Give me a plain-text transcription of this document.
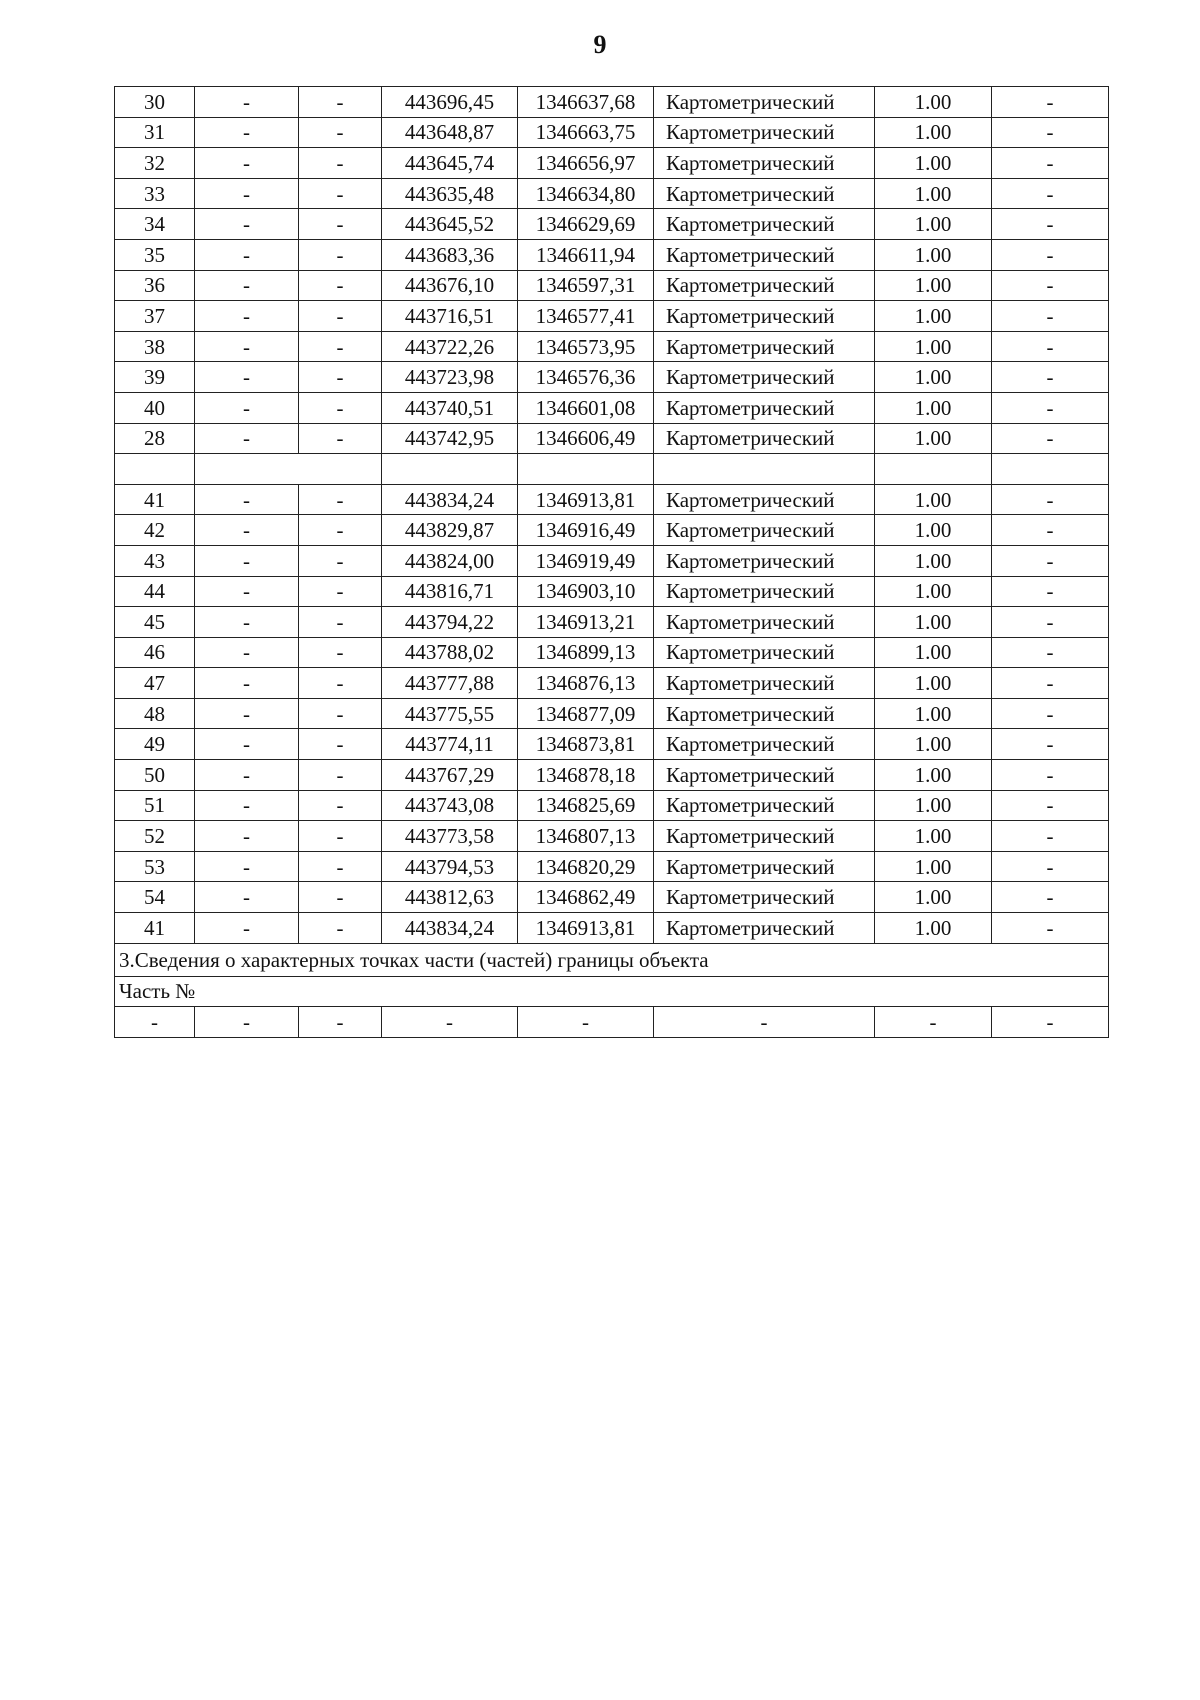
9
30	-	-	443696,45	1346637,68	Картометрический	1.00	-
31	-	-	443648,87	1346663,75	Картометрический	1.00	-
32	-	-	443645,74	1346656,97	Картометрический	1.00	-
33	-	-	443635,48	1346634,80	Картометрический	1.00	-
34	-	-	443645,52	1346629,69	Картометрический	1.00	-
35	-	-	443683,36	1346611,94	Картометрический	1.00	-
36	-	-	443676,10	1346597,31	Картометрический	1.00	-
37	-	-	443716,51	1346577,41	Картометрический	1.00	-
38	-	-	443722,26	1346573,95	Картометрический	1.00	-
39	-	-	443723,98	1346576,36	Картометрический	1.00	-
40	-	-	443740,51	1346601,08	Картометрический	1.00	-
28	-	-	443742,95	1346606,49	Картометрический	1.00	-

41	-	-	443834,24	1346913,81	Картометрический	1.00	-
42	-	-	443829,87	1346916,49	Картометрический	1.00	-
43	-	-	443824,00	1346919,49	Картометрический	1.00	-
44	-	-	443816,71	1346903,10	Картометрический	1.00	-
45	-	-	443794,22	1346913,21	Картометрический	1.00	-
46	-	-	443788,02	1346899,13	Картометрический	1.00	-
47	-	-	443777,88	1346876,13	Картометрический	1.00	-
48	-	-	443775,55	1346877,09	Картометрический	1.00	-
49	-	-	443774,11	1346873,81	Картометрический	1.00	-
50	-	-	443767,29	1346878,18	Картометрический	1.00	-
51	-	-	443743,08	1346825,69	Картометрический	1.00	-
52	-	-	443773,58	1346807,13	Картометрический	1.00	-
53	-	-	443794,53	1346820,29	Картометрический	1.00	-
54	-	-	443812,63	1346862,49	Картометрический	1.00	-
41	-	-	443834,24	1346913,81	Картометрический	1.00	-
3.Сведения о характерных точках части (частей) границы объекта							
Часть №							
-	-	-	-	-	-	-	-
